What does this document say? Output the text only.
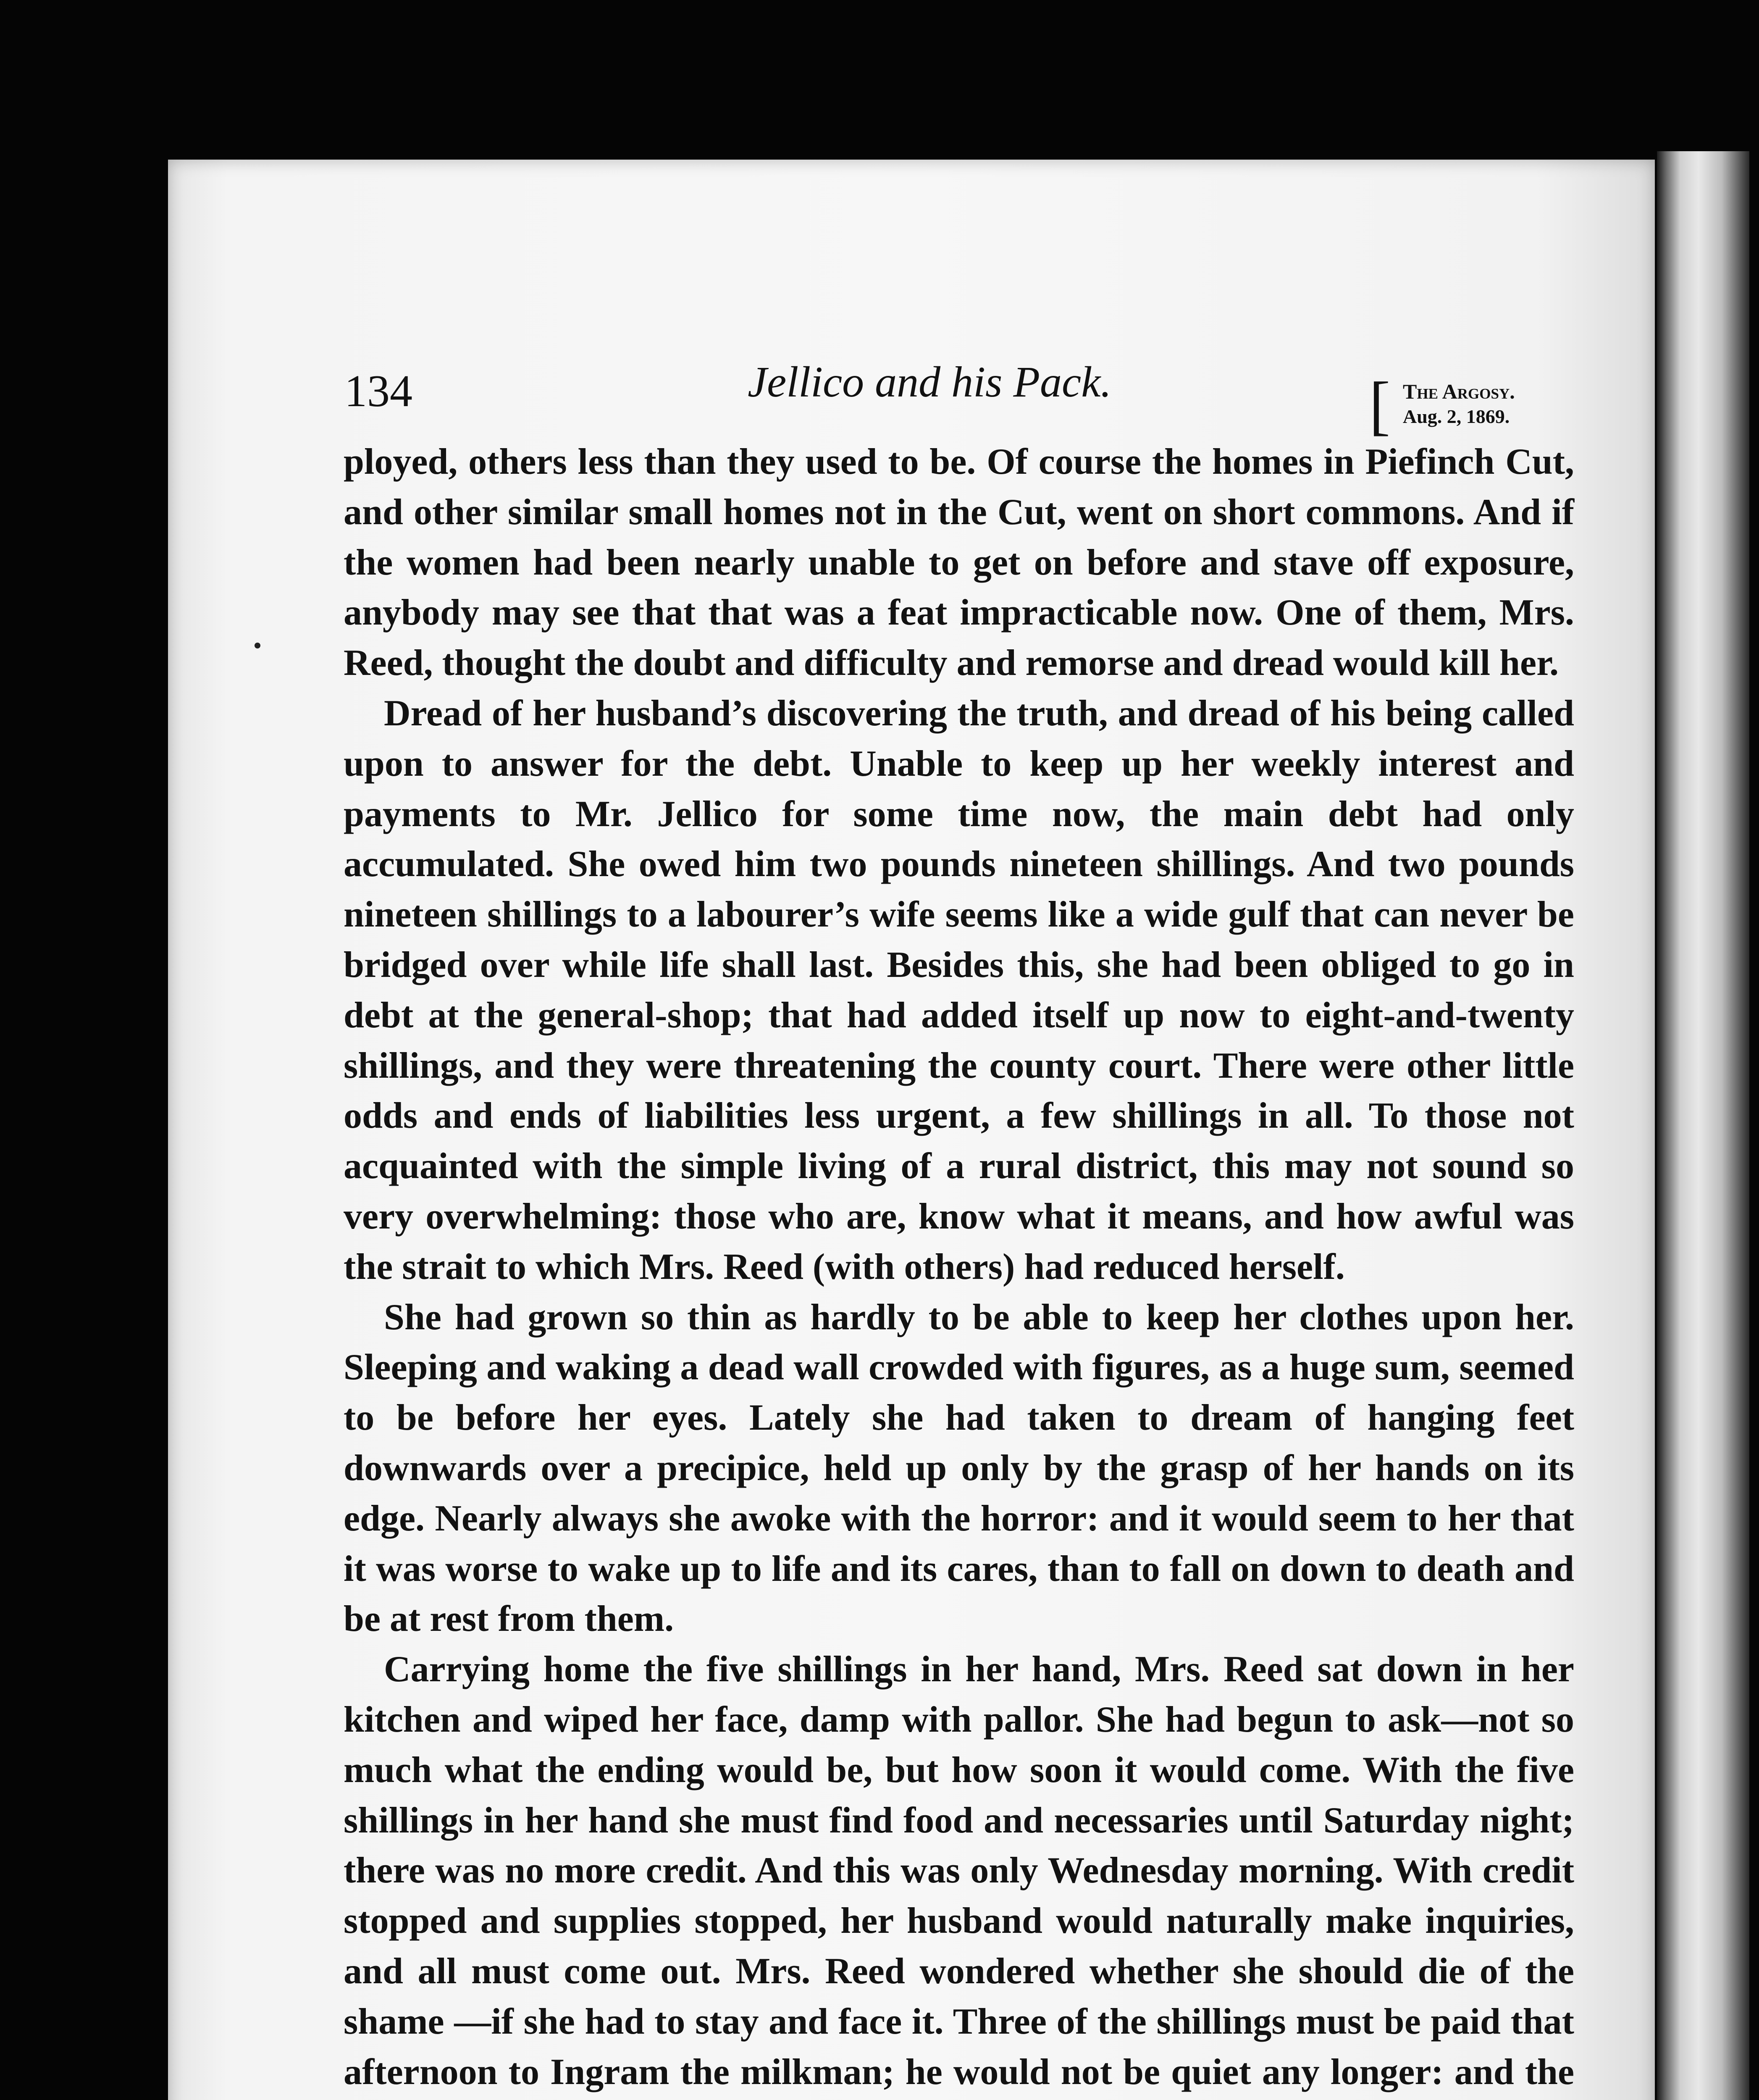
134	Jellico and his Pack.	[ The Argosy.
Aug. 2, 1869.

ployed, others less than they used to be. Of course the homes in Piefinch Cut, and other similar small homes not in the Cut, went on short commons. And if the women had been nearly unable to get on before and stave off exposure, anybody may see that that was a feat impracticable now. One of them, Mrs. Reed, thought the doubt and difficulty and remorse and dread would kill her.

Dread of her husband’s discovering the truth, and dread of his being called upon to answer for the debt. Unable to keep up her weekly interest and payments to Mr. Jellico for some time now, the main debt had only accumulated. She owed him two pounds nineteen shillings. And two pounds nineteen shillings to a labourer’s wife seems like a wide gulf that can never be bridged over while life shall last. Besides this, she had been obliged to go in debt at the general-shop; that had added itself up now to eight-and-twenty shillings, and they were threatening the county court. There were other little odds and ends of liabilities less urgent, a few shillings in all. To those not acquainted with the simple living of a rural district, this may not sound so very overwhelming: those who are, know what it means, and how awful was the strait to which Mrs. Reed (with others) had reduced herself.

She had grown so thin as hardly to be able to keep her clothes upon her. Sleeping and waking a dead wall crowded with figures, as a huge sum, seemed to be before her eyes. Lately she had taken to dream of hanging feet downwards over a precipice, held up only by the grasp of her hands on its edge. Nearly always she awoke with the horror: and it would seem to her that it was worse to wake up to life and its cares, than to fall on down to death and be at rest from them.

Carrying home the five shillings in her hand, Mrs. Reed sat down in her kitchen and wiped her face, damp with pallor. She had begun to ask—not so much what the ending would be, but how soon it would come. With the five shillings in her hand she must find food and necessaries until Saturday night; there was no more credit. And this was only Wednesday morning. With credit stopped and supplies stopped, her husband would naturally make inquiries, and all must come out. Mrs. Reed wondered whether she should die of the shame —if she had to stay and face it. Three of the shillings must be paid that afternoon to Ingram the milkman; he would not be quiet any longer: and the
